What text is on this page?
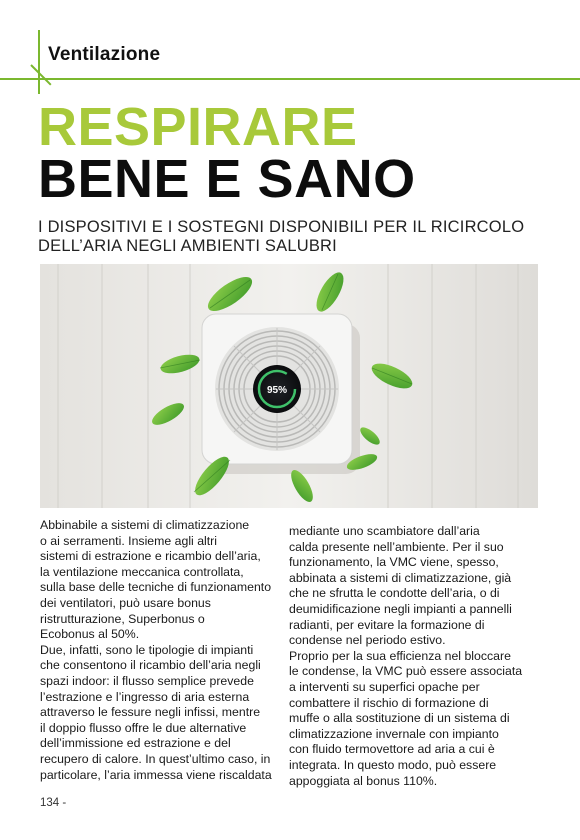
Ventilazione
RESPIRARE
BENE E SANO
I DISPOSITIVI E I SOSTEGNI DISPONIBILI PER IL RICIRCOLO
DELL’ARIA NEGLI AMBIENTI SALUBRI
95%

Abbinabile a sistemi di climatizzazione

o ai serramenti. Insieme agli altri

sistemi di estrazione e ricambio dell’aria,

la ventilazione meccanica controllata,

sulla base delle tecniche di funzionamento

dei ventilatori, può usare bonus

ristrutturazione, Superbonus o

Ecobonus al 50%.

Due, infatti, sono le tipologie di impianti

che consentono il ricambio dell’aria negli

spazi indoor: il flusso semplice prevede

l’estrazione e l’ingresso di aria esterna

attraverso le fessure negli infissi, mentre

il doppio flusso offre le due alternative

dell’immissione ed estrazione e del

recupero di calore. In quest’ultimo caso, in

particolare, l’aria immessa viene riscaldata

mediante uno scambiatore dall’aria

calda presente nell’ambiente. Per il suo

funzionamento, la VMC viene, spesso,

abbinata a sistemi di climatizzazione, già

che ne sfrutta le condotte dell’aria, o di

deumidificazione negli impianti a pannelli

radianti, per evitare la formazione di

condense nel periodo estivo.

Proprio per la sua efficienza nel bloccare

le condense, la VMC può essere associata

a interventi su superfici opache per

combattere il rischio di formazione di

muffe o alla sostituzione di un sistema di

climatizzazione invernale con impianto

con fluido termovettore ad aria a cui è

integrata. In questo modo, può essere

appoggiata al bonus 110%.

134 -
